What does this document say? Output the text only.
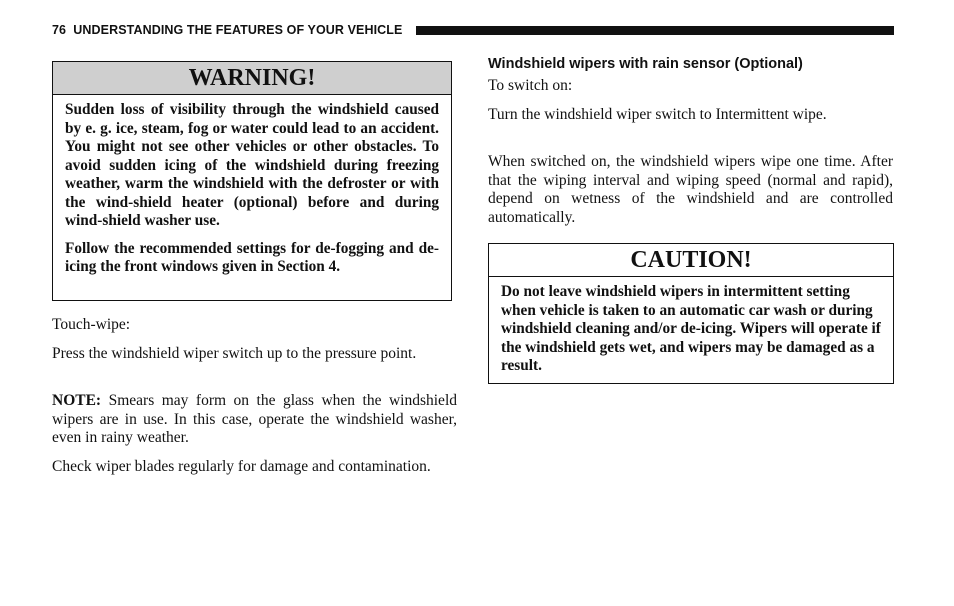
76 UNDERSTANDING THE FEATURES OF YOUR VEHICLE
WARNING!

Sudden loss of visibility through the windshield caused by e. g. ice, steam, fog or water could lead to an accident. You might not see other vehicles or other obstacles. To avoid sudden icing of the windshield during freezing weather, warm the windshield with the defroster or with the wind-shield heater (optional) before and during wind-shield washer use.

Follow the recommended settings for de-fogging and de-icing the front windows given in Section 4.

Touch-wipe:

Press the windshield wiper switch up to the pressure point.

NOTE: Smears may form on the glass when the windshield wipers are in use. In this case, operate the windshield washer, even in rainy weather.

Check wiper blades regularly for damage and contamination.

Windshield wipers with rain sensor (Optional)

To switch on:

Turn the windshield wiper switch to Intermittent wipe.

When switched on, the windshield wipers wipe one time. After that the wiping interval and wiping speed (normal and rapid), depend on wetness of the windshield and are controlled automatically.

CAUTION!

Do not leave windshield wipers in intermittent setting when vehicle is taken to an automatic car wash or during windshield cleaning and/or de-icing. Wipers will operate if the windshield gets wet, and wipers may be damaged as a result.
